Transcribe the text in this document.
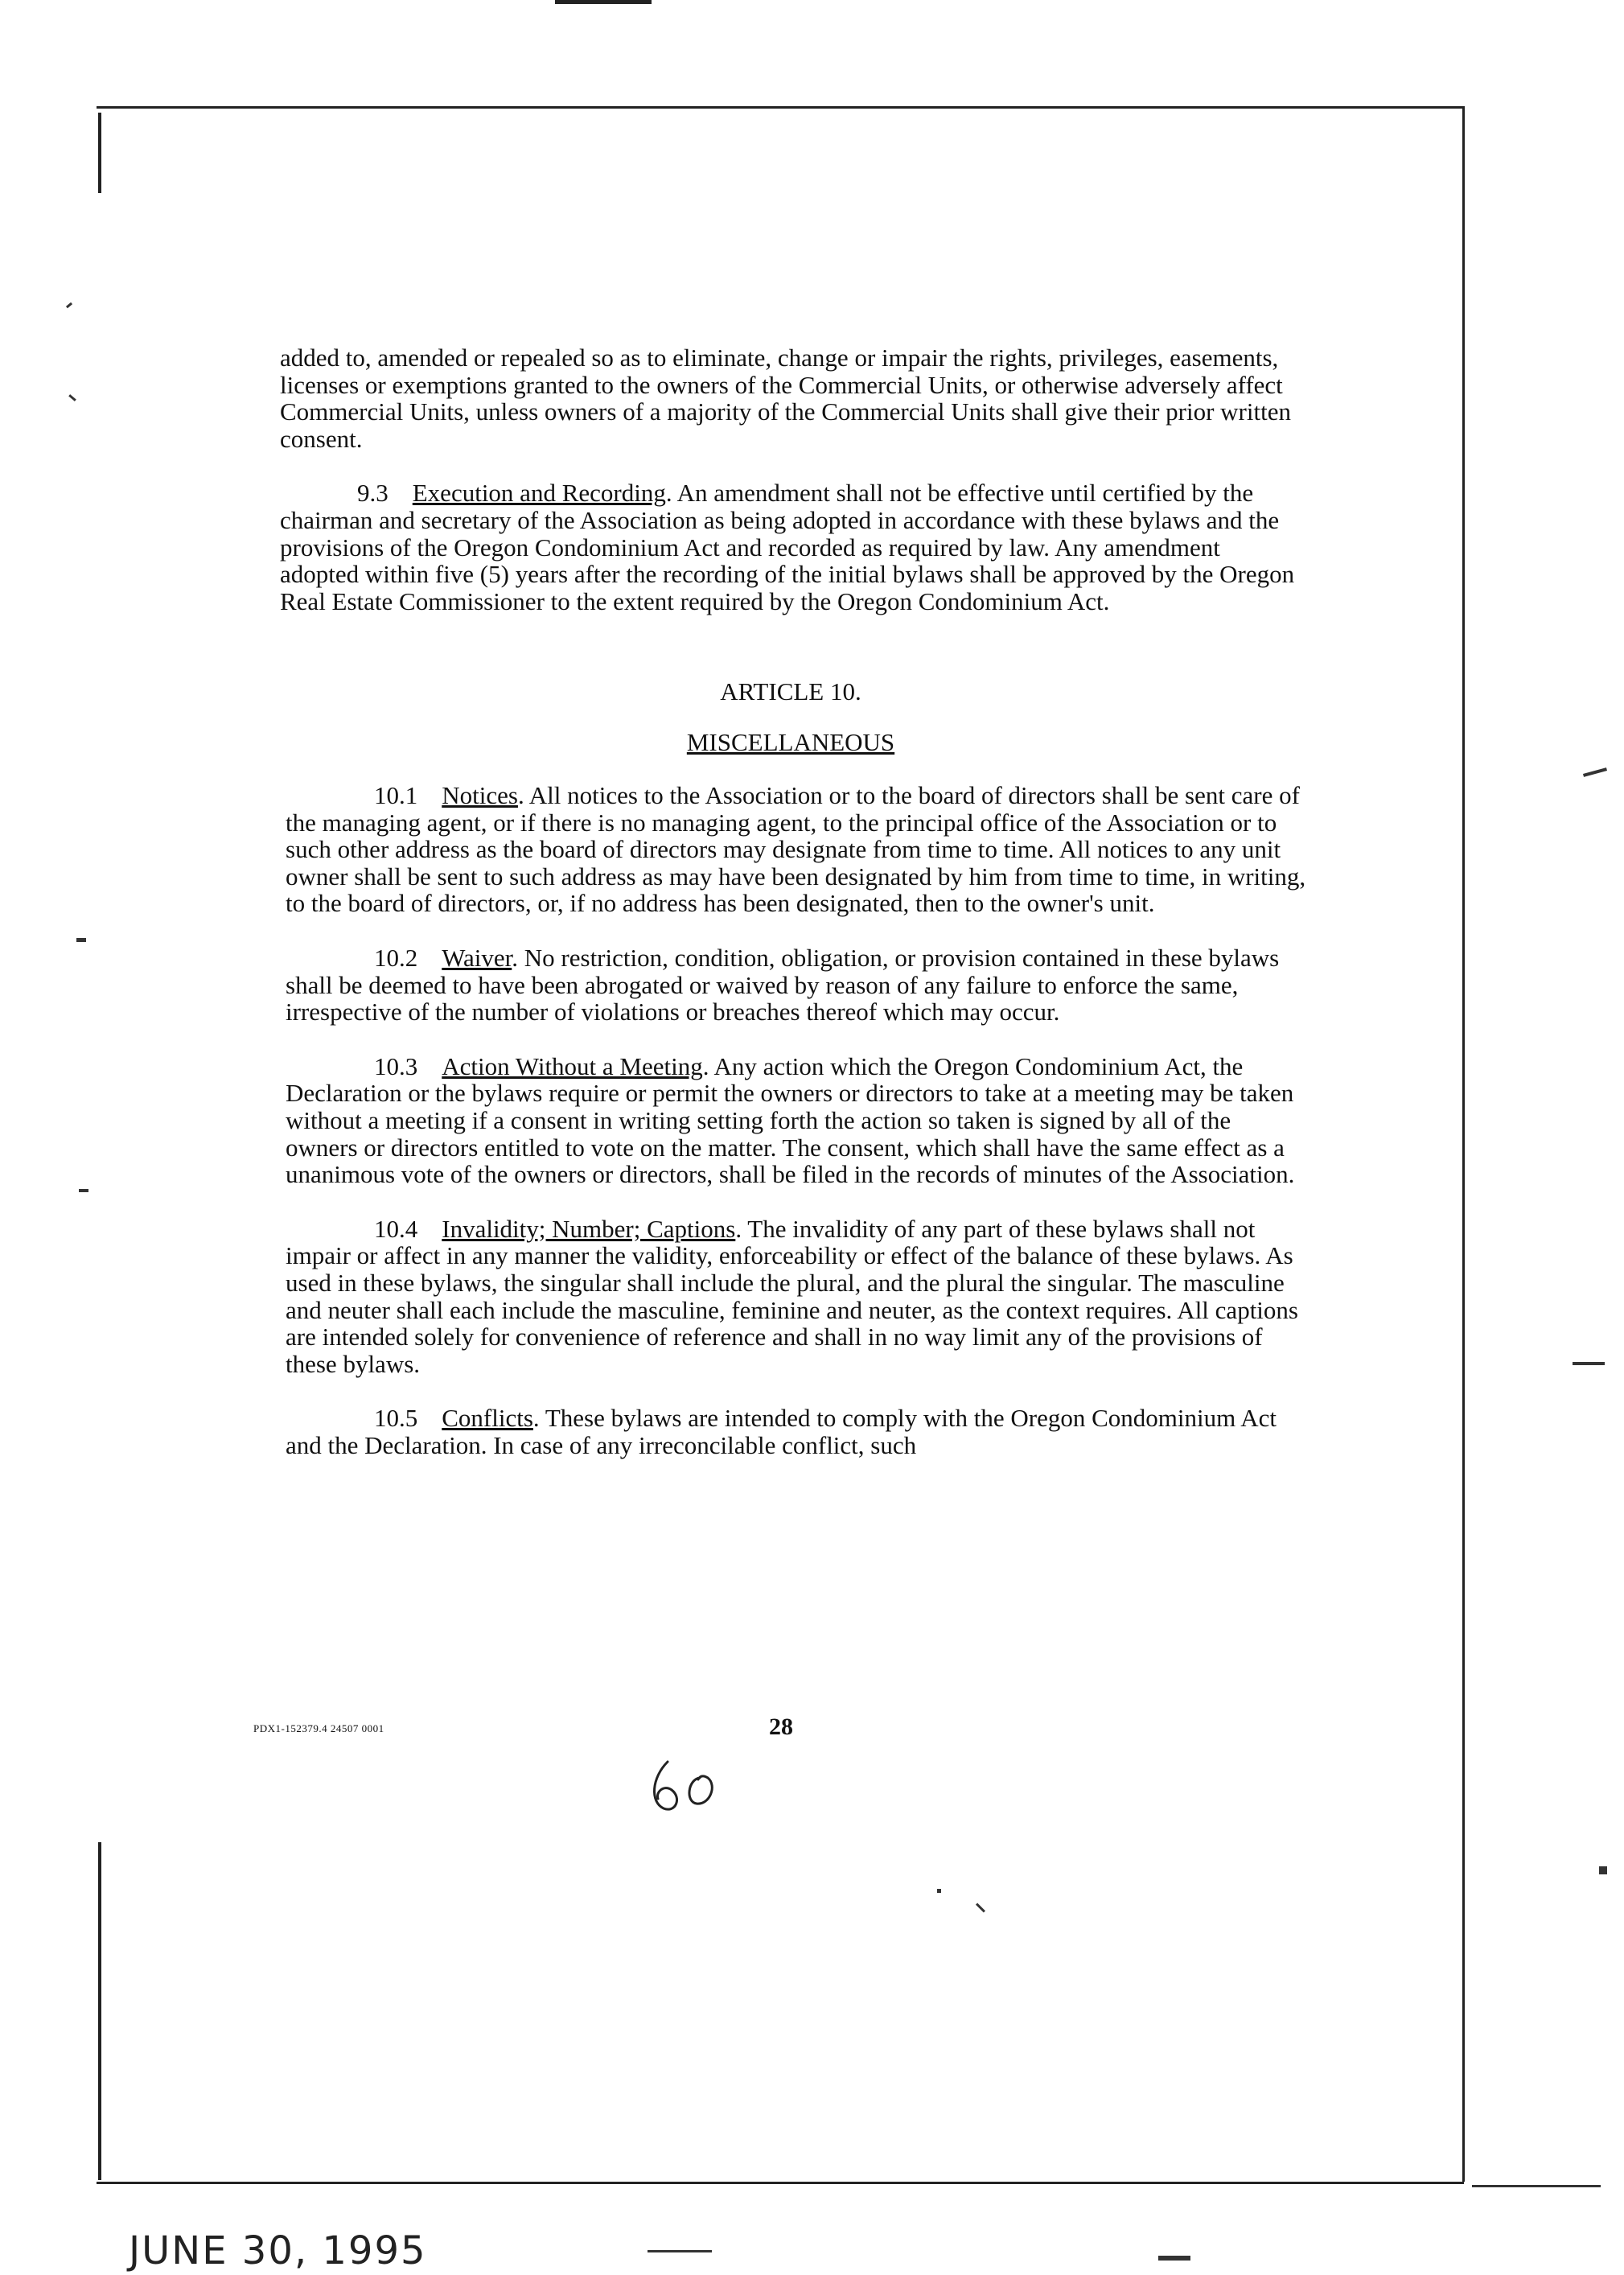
added to, amended or repealed so as to eliminate, change or impair the rights, privileges, easements, licenses or exemptions granted to the owners of the Commercial Units, or otherwise adversely affect Commercial Units, unless owners of a majority of the Commercial Units shall give their prior written consent.

9.3 Execution and Recording. An amendment shall not be effective until certified by the chairman and secretary of the Association as being adopted in accordance with these bylaws and the provisions of the Oregon Condominium Act and recorded as required by law. Any amendment adopted within five (5) years after the recording of the initial bylaws shall be approved by the Oregon Real Estate Commissioner to the extent required by the Oregon Condominium Act.

ARTICLE 10.
MISCELLANEOUS

10.1 Notices. All notices to the Association or to the board of directors shall be sent care of the managing agent, or if there is no managing agent, to the principal office of the Association or to such other address as the board of directors may designate from time to time. All notices to any unit owner shall be sent to such address as may have been designated by him from time to time, in writing, to the board of directors, or, if no address has been designated, then to the owner's unit.

10.2 Waiver. No restriction, condition, obligation, or provision contained in these bylaws shall be deemed to have been abrogated or waived by reason of any failure to enforce the same, irrespective of the number of violations or breaches thereof which may occur.

10.3 Action Without a Meeting. Any action which the Oregon Condominium Act, the Declaration or the bylaws require or permit the owners or directors to take at a meeting may be taken without a meeting if a consent in writing setting forth the action so taken is signed by all of the owners or directors entitled to vote on the matter. The consent, which shall have the same effect as a unanimous vote of the owners or directors, shall be filed in the records of minutes of the Association.

10.4 Invalidity; Number; Captions. The invalidity of any part of these bylaws shall not impair or affect in any manner the validity, enforceability or effect of the balance of these bylaws. As used in these bylaws, the singular shall include the plural, and the plural the singular. The masculine and neuter shall each include the masculine, feminine and neuter, as the context requires. All captions are intended solely for convenience of reference and shall in no way limit any of the provisions of these bylaws.

10.5 Conflicts. These bylaws are intended to comply with the Oregon Condominium Act and the Declaration. In case of any irreconcilable conflict, such

PDX1-152379.4 24507 0001	28
JUNE 30, 1995
